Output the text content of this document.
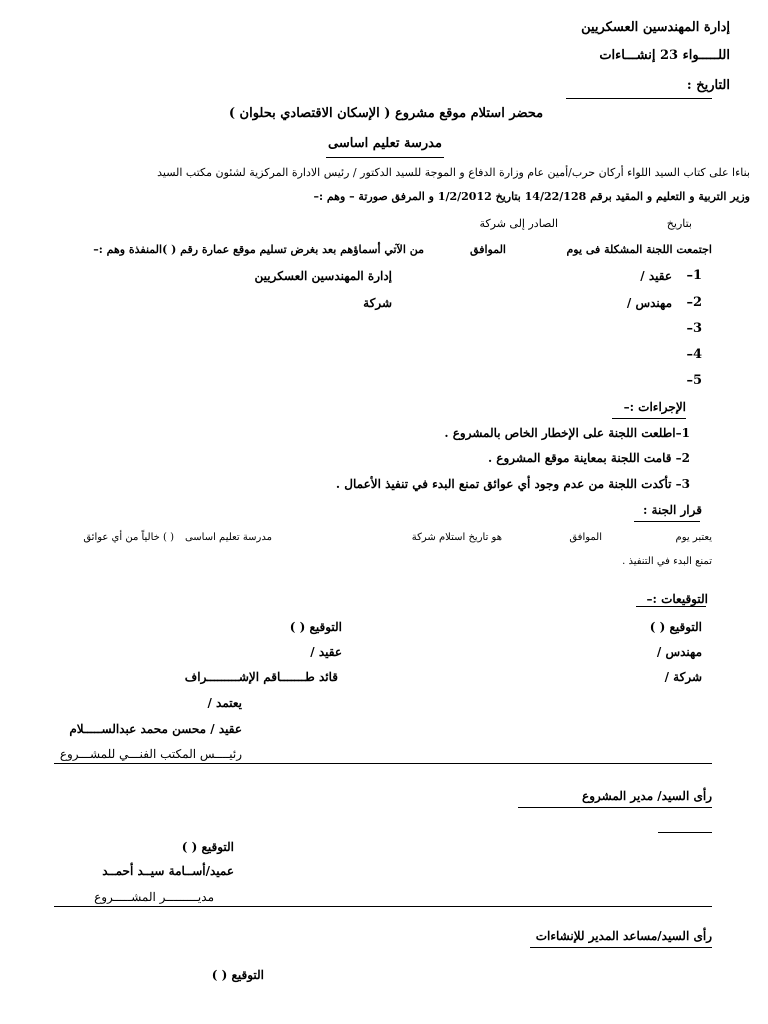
إدارة المهندسين العسكريين
اللـــــواء 23 إنشـــاءات
التاريخ :
محضر استلام موقع مشروع ( الإسكان الاقتصادي بحلوان )
مدرسة تعليم اساسى
بناءا على كتاب السيد اللواء أركان حرب/أمين عام وزارة الدفاع و الموجة للسيد الدكتور / رئيس الادارة المركزية لشئون مكتب السيد
وزير التربية و التعليم و المقيد برقم 14/22/128 بتاريخ 1/2/2012 و المرفق صورتة – وهم :–
بتاريخ
الصادر إلى شركة
اجتمعت اللجنة المشكلة فى يوم
الموافق
من الآتي أسماؤهم بعد بغرض تسليم موقع عمارة رقم ( )المنفذة وهم :–
1–
عقيد /
إدارة المهندسين العسكريين
2–
مهندس /
شركة
3–
4–
5–
الإجراءات :–
1–اطلعت اللجنة على الإخطار الخاص بالمشروع .
2– قامت اللجنة بمعاينة موقع المشروع .
3– تأكدت اللجنة من عدم وجود أي عوائق تمنع البدء في تنفيذ الأعمال .
قرار الجنة :
يعتبر يوم
الموافق
هو تاريخ استلام شركة
مدرسة تعليم اساسى
( ) خالياً من أي عوائق
تمنع البدء في التنفيذ .
التوقيعات :–
التوقيع ( )
مهندس /
شركة /
التوقيع ( )
عقيد /
قائد طـــــــاقم الإشـــــــــراف
يعتمد /
عقيد / محسن محمد عبدالســـــلام
رئيــــس المكتب الفنـــي للمشـــروع
رأى السيد/ مدير المشروع
التوقيع ( )
عميد/أســامة سيــد أحمــد
مديـــــــــر المشـــــروع
رأى السيد/مساعد المدير للإنشاءات
التوقيع ( )
